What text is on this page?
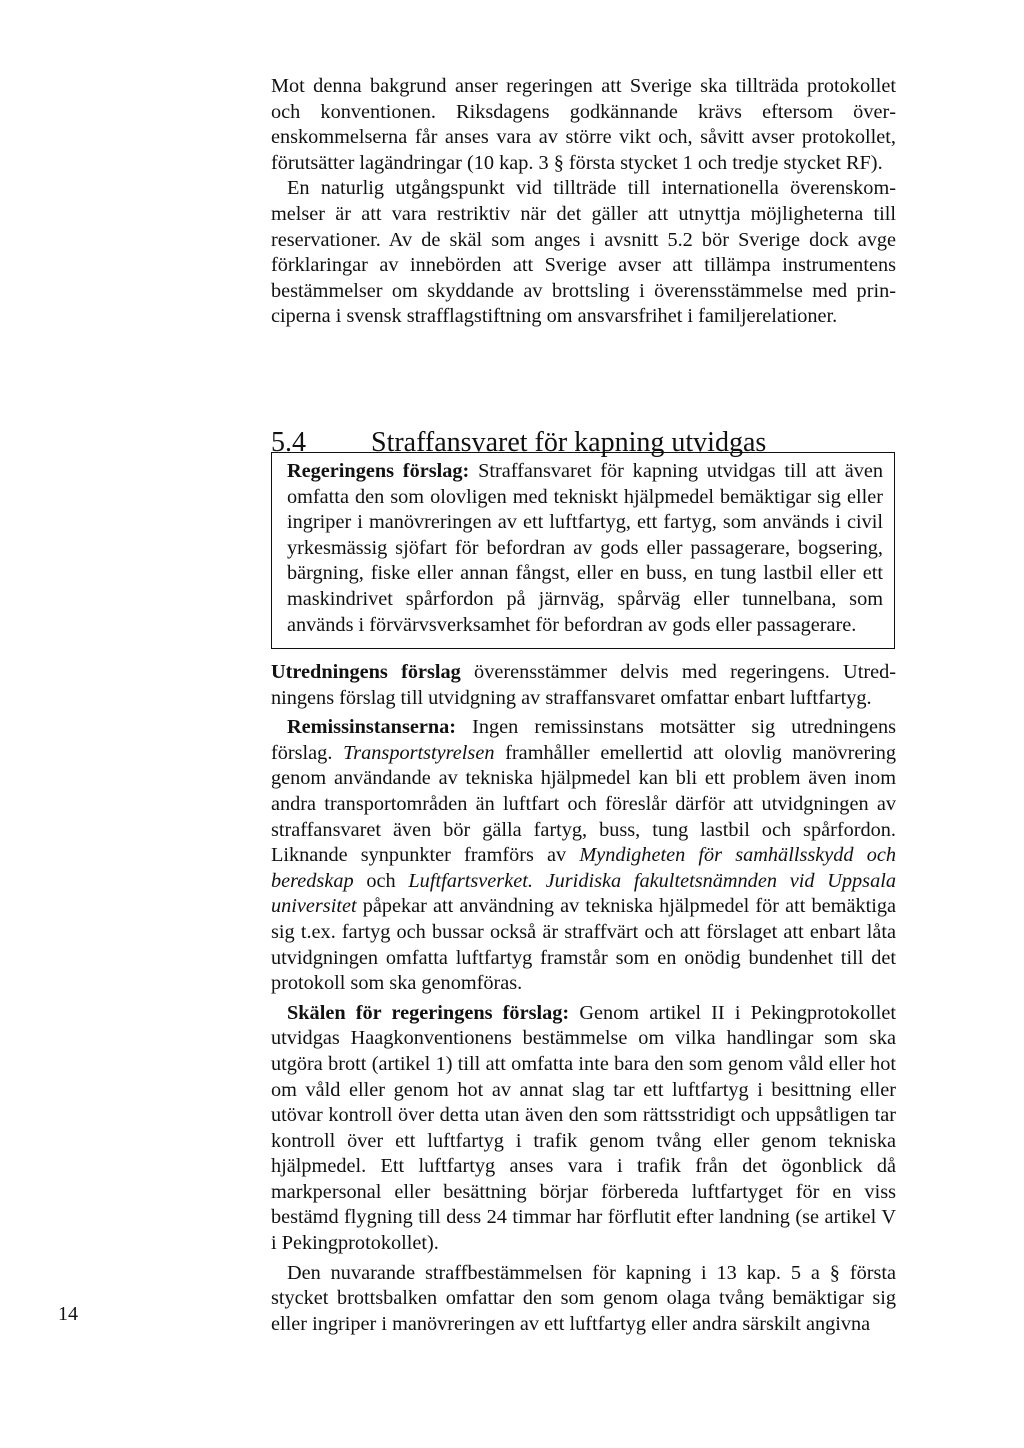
Mot denna bakgrund anser regeringen att Sverige ska tillträda protokollet och konventionen. Riksdagens godkännande krävs eftersom överenskommelserna får anses vara av större vikt och, såvitt avser protokollet, förutsätter lagändringar (10 kap. 3 § första stycket 1 och tredje stycket RF).

En naturlig utgångspunkt vid tillträde till internationella överenskommelser är att vara restriktiv när det gäller att utnyttja möjligheterna till reservationer. Av de skäl som anges i avsnitt 5.2 bör Sverige dock avge förklaringar av innebörden att Sverige avser att tillämpa instrumentens bestämmelser om skyddande av brottsling i överensstämmelse med principerna i svensk strafflagstiftning om ansvarsfrihet i familjerelationer.

5.4	Straffansvaret för kapning utvidgas

Regeringens förslag: Straffansvaret för kapning utvidgas till att även omfatta den som olovligen med tekniskt hjälpmedel bemäktigar sig eller ingriper i manövreringen av ett luftfartyg, ett fartyg, som används i civil yrkesmässig sjöfart för befordran av gods eller passagerare, bogsering, bärgning, fiske eller annan fångst, eller en buss, en tung lastbil eller ett maskindrivet spårfordon på järnväg, spårväg eller tunnelbana, som används i förvärvsverksamhet för befordran av gods eller passagerare.

Utredningens förslag överensstämmer delvis med regeringens. Utredningens förslag till utvidgning av straffansvaret omfattar enbart luftfartyg.

Remissinstanserna: Ingen remissinstans motsätter sig utredningens förslag. Transportstyrelsen framhåller emellertid att olovlig manövrering genom användande av tekniska hjälpmedel kan bli ett problem även inom andra transportområden än luftfart och föreslår därför att utvidgningen av straffansvaret även bör gälla fartyg, buss, tung lastbil och spårfordon. Liknande synpunkter framförs av Myndigheten för samhällsskydd och beredskap och Luftfartsverket. Juridiska fakultetsnämnden vid Uppsala universitet påpekar att användning av tekniska hjälpmedel för att bemäktiga sig t.ex. fartyg och bussar också är straffvärt och att förslaget att enbart låta utvidgningen omfatta luftfartyg framstår som en onödig bundenhet till det protokoll som ska genomföras.

Skälen för regeringens förslag: Genom artikel II i Pekingprotokollet utvidgas Haagkonventionens bestämmelse om vilka handlingar som ska utgöra brott (artikel 1) till att omfatta inte bara den som genom våld eller hot om våld eller genom hot av annat slag tar ett luftfartyg i besittning eller utövar kontroll över detta utan även den som rättsstridigt och uppsåtligen tar kontroll över ett luftfartyg i trafik genom tvång eller genom tekniska hjälpmedel. Ett luftfartyg anses vara i trafik från det ögonblick då markpersonal eller besättning börjar förbereda luftfartyget för en viss bestämd flygning till dess 24 timmar har förflutit efter landning (se artikel V i Pekingprotokollet).

Den nuvarande straffbestämmelsen för kapning i 13 kap. 5 a § första stycket brottsbalken omfattar den som genom olaga tvång bemäktigar sig eller ingriper i manövreringen av ett luftfartyg eller andra särskilt angivna

14
